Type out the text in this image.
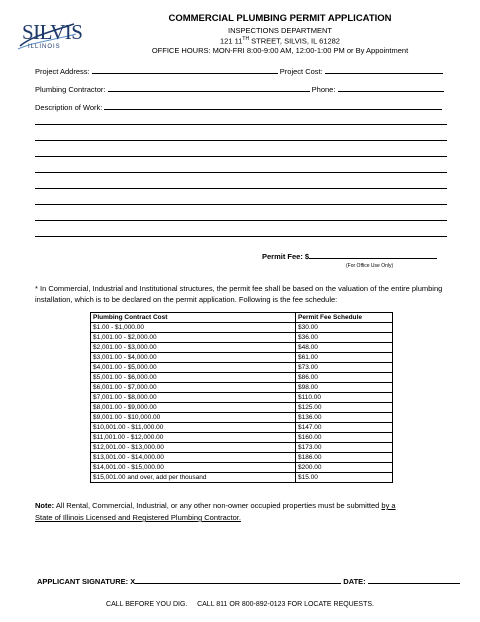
SILVIS
ILLINOIS
COMMERCIAL PLUMBING PERMIT APPLICATION
INSPECTIONS DEPARTMENT
121 11TH STREET, SILVIS, IL 61282
OFFICE HOURS: MON-FRI 8:00-9:00 AM, 12:00-1:00 PM or By Appointment
Project Address:	Project Cost:
Plumbing Contractor:	Phone:
Description of Work:
Permit Fee: $
(For Office Use Only)
* In Commercial, Industrial and Institutional structures, the permit fee shall be based on the valuation of the entire plumbing installation, which is to be declared on the permit application. Following is the fee schedule:
Plumbing Contract Cost	Permit Fee Schedule
$1.00 - $1,000.00	$30.00
$1,001.00 - $2,000.00	$36.00
$2,001.00 - $3,000.00	$48.00
$3,001.00 - $4,000.00	$61.00
$4,001.00 - $5,000.00	$73.00
$5,001.00 - $6,000.00	$86.00
$6,001.00 - $7,000.00	$98.00
$7,001.00 - $8,000.00	$110.00
$8,001.00 - $9,000.00	$125.00
$9,001.00 - $10,000.00	$136.00
$10,001.00 - $11,000.00	$147.00
$11,001.00 - $12,000.00	$160.00
$12,001.00 - $13,000.00	$173.00
$13,001.00 - $14,000.00	$186.00
$14,001.00 - $15,000.00	$200.00
$15,001.00 and over, add per thousand	$15.00
Note: All Rental, Commercial, Industrial, or any other non-owner occupied properties must be submitted by a
State of Illinois Licensed and Registered Plumbing Contractor.
APPLICANT SIGNATURE: X	DATE:
CALL BEFORE YOU DIG. CALL 811 OR 800-892-0123 FOR LOCATE REQUESTS.
